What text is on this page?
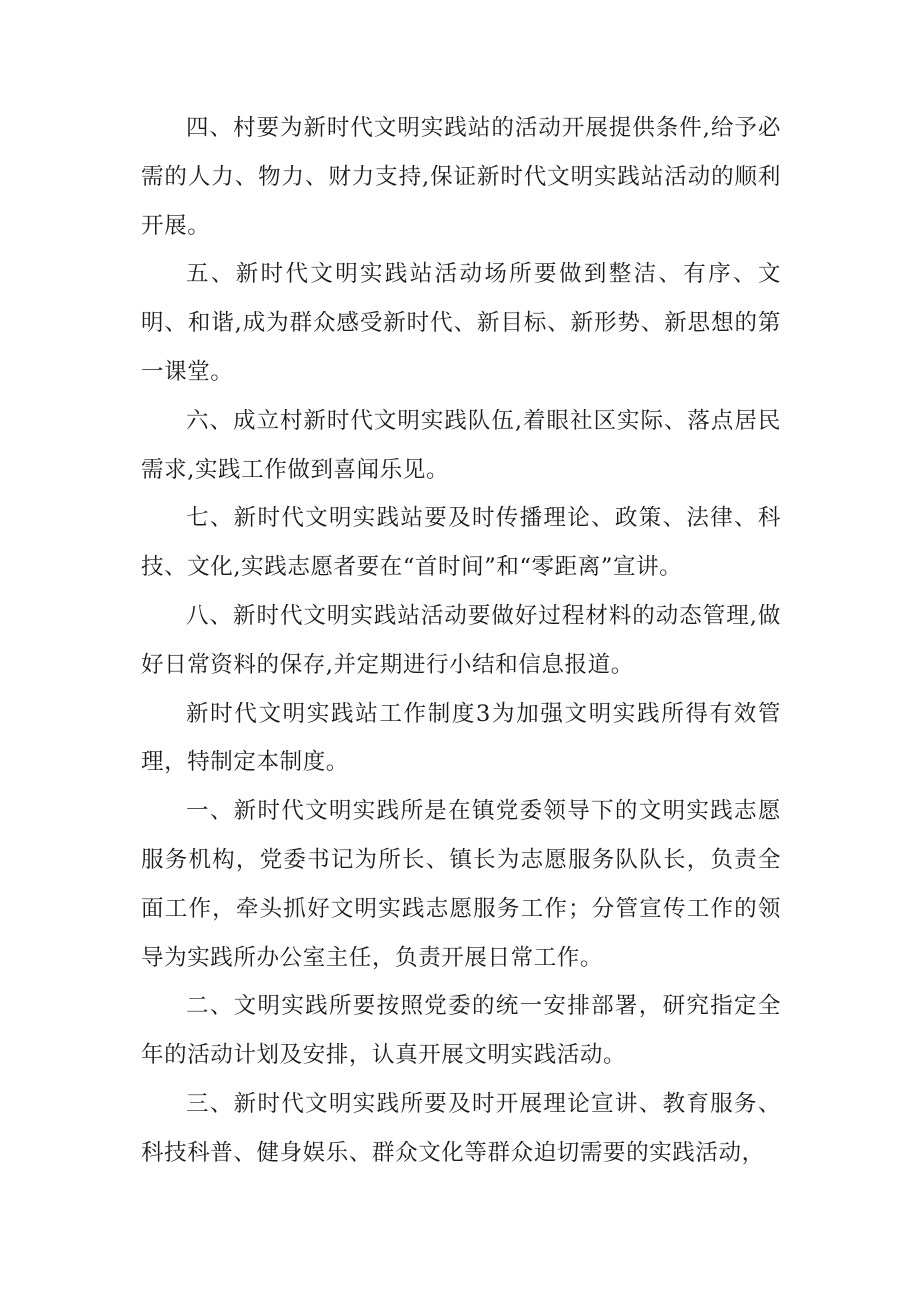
四、村要为新时代文明实践站的活动开展提供条件,给予必需的人力、物力、财力支持,保证新时代文明实践站活动的顺利开展。

五、新时代文明实践站活动场所要做到整洁、有序、文明、和谐,成为群众感受新时代、新目标、新形势、新思想的第一课堂。

六、成立村新时代文明实践队伍,着眼社区实际、落点居民需求,实践工作做到喜闻乐见。

七、新时代文明实践站要及时传播理论、政策、法律、科技、文化,实践志愿者要在“首时间”和“零距离”宣讲。

八、新时代文明实践站活动要做好过程材料的动态管理,做好日常资料的保存,并定期进行小结和信息报道。

新时代文明实践站工作制度3为加强文明实践所得有效管理，特制定本制度。

一、新时代文明实践所是在镇党委领导下的文明实践志愿服务机构，党委书记为所长、镇长为志愿服务队队长，负责全面工作，牵头抓好文明实践志愿服务工作；分管宣传工作的领导为实践所办公室主任，负责开展日常工作。

二、文明实践所要按照党委的统一安排部署，研究指定全年的活动计划及安排，认真开展文明实践活动。

三、新时代文明实践所要及时开展理论宣讲、教育服务、科技科普、健身娱乐、群众文化等群众迫切需要的实践活动，
